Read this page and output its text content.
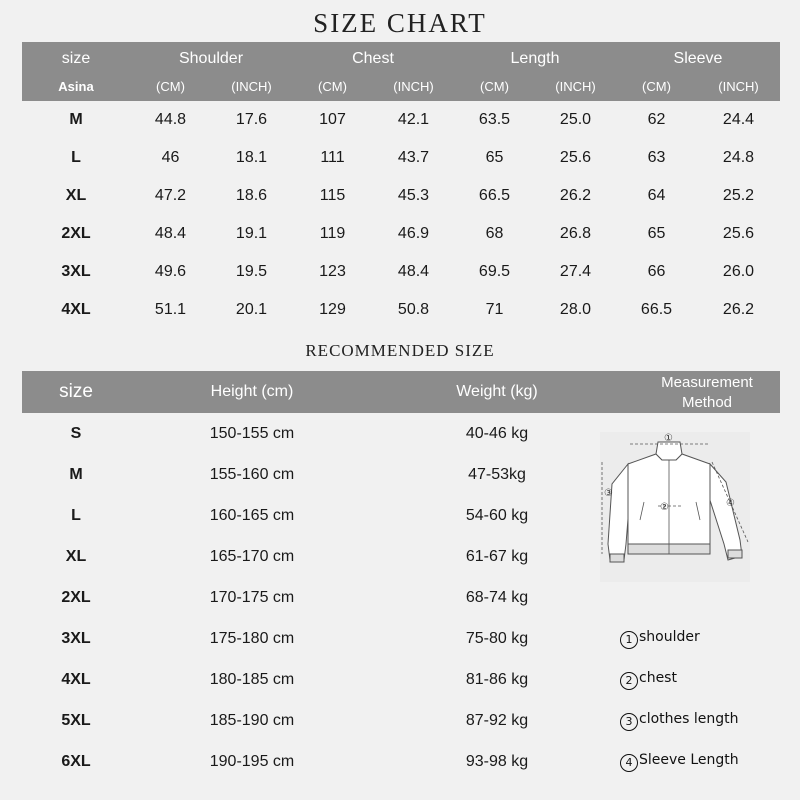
SIZE CHART
size	Shoulder	Chest	Length	Sleeve
Asina	(CM)	(INCH)	(CM)	(INCH)	(CM)	(INCH)	(CM)	(INCH)
M	44.8	17.6	107	42.1	63.5	25.0	62	24.4
L	46	18.1	111	43.7	65	25.6	63	24.8
XL	47.2	18.6	115	45.3	66.5	26.2	64	25.2
2XL	48.4	19.1	119	46.9	68	26.8	65	25.6
3XL	49.6	19.5	123	48.4	69.5	27.4	66	26.0
4XL	51.1	20.1	129	50.8	71	28.0	66.5	26.2
RECOMMENDED SIZE
size	Height (cm)	Weight (kg)
Measurement
Method
S	150-155 cm	40-46 kg
M	155-160 cm	47-53kg
L	160-165 cm	54-60 kg
XL	165-170 cm	61-67 kg
2XL	170-175 cm	68-74 kg
3XL	175-180 cm	75-80 kg
4XL	180-185 cm	81-86 kg
5XL	185-190 cm	87-92 kg
6XL	190-195 cm	93-98 kg
①
②
③
④
1 shoulder
2 chest
3 clothes length
4 Sleeve Length
